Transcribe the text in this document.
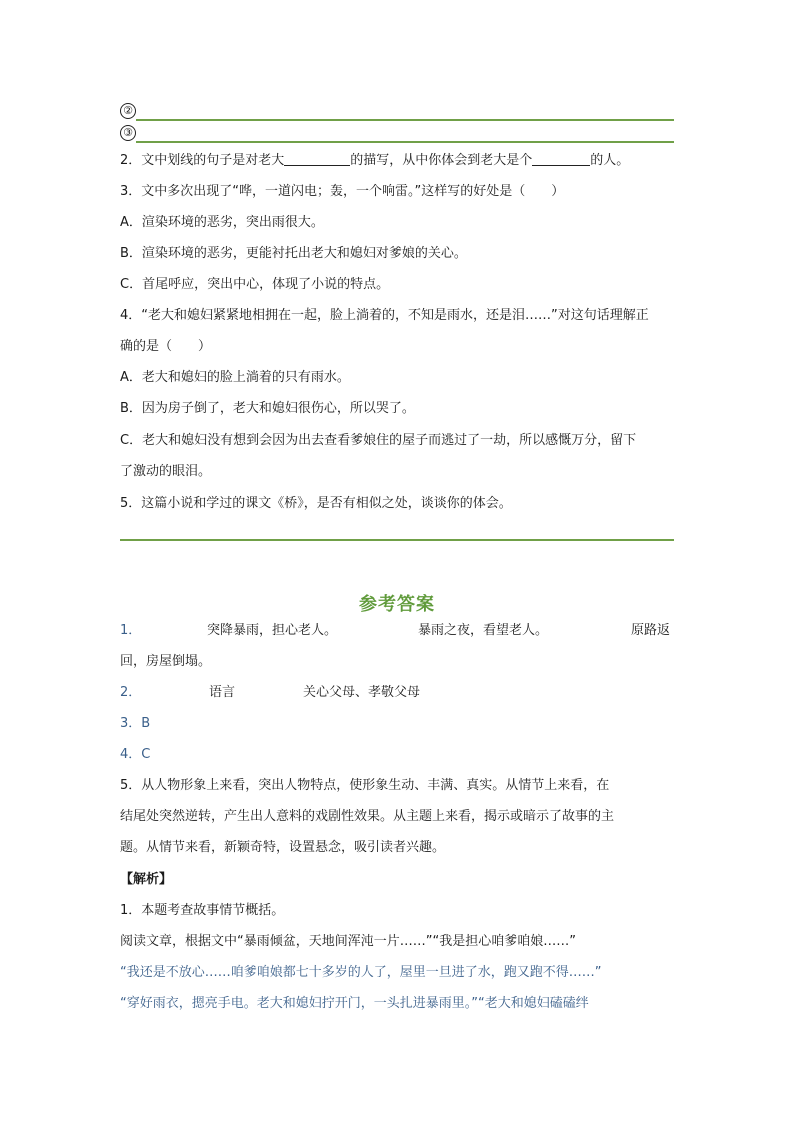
②
③
2．文中划线的句子是对老大	的描写，从中你体会到老大是个	的人。
3．文中多次出现了“哗，一道闪电；轰，一个响雷。”这样写的好处是（　　）
A．渲染环境的恶劣，突出雨很大。
B．渲染环境的恶劣，更能衬托出老大和媳妇对爹娘的关心。
C．首尾呼应，突出中心，体现了小说的特点。
4．“老大和媳妇紧紧地相拥在一起，脸上淌着的，不知是雨水，还是泪……”对这句话理解正
确的是（　　）
A．老大和媳妇的脸上淌着的只有雨水。
B．因为房子倒了，老大和媳妇很伤心，所以哭了。
C．老大和媳妇没有想到会因为出去查看爹娘住的屋子而逃过了一劫，所以感慨万分，留下
了激动的眼泪。
5．这篇小说和学过的课文《桥》，是否有相似之处，谈谈你的体会。
参考答案
1．	突降暴雨，担心老人。	暴雨之夜，看望老人。	原路返
回，房屋倒塌。
2．	语言	关心父母、孝敬父母
3．B
4．C
5．从人物形象上来看，突出人物特点，使形象生动、丰满、真实。从情节上来看，在
结尾处突然逆转，产生出人意料的戏剧性效果。从主题上来看，揭示或暗示了故事的主
题。从情节来看，新颖奇特，设置悬念，吸引读者兴趣。
【解析】
1．本题考查故事情节概括。
阅读文章，根据文中“暴雨倾盆，天地间浑沌一片……”“我是担心咱爹咱娘……”
“我还是不放心……咱爹咱娘都七十多岁的人了，屋里一旦进了水，跑又跑不得……”
“穿好雨衣，摁亮手电。老大和媳妇拧开门，一头扎进暴雨里。”“老大和媳妇磕磕绊
